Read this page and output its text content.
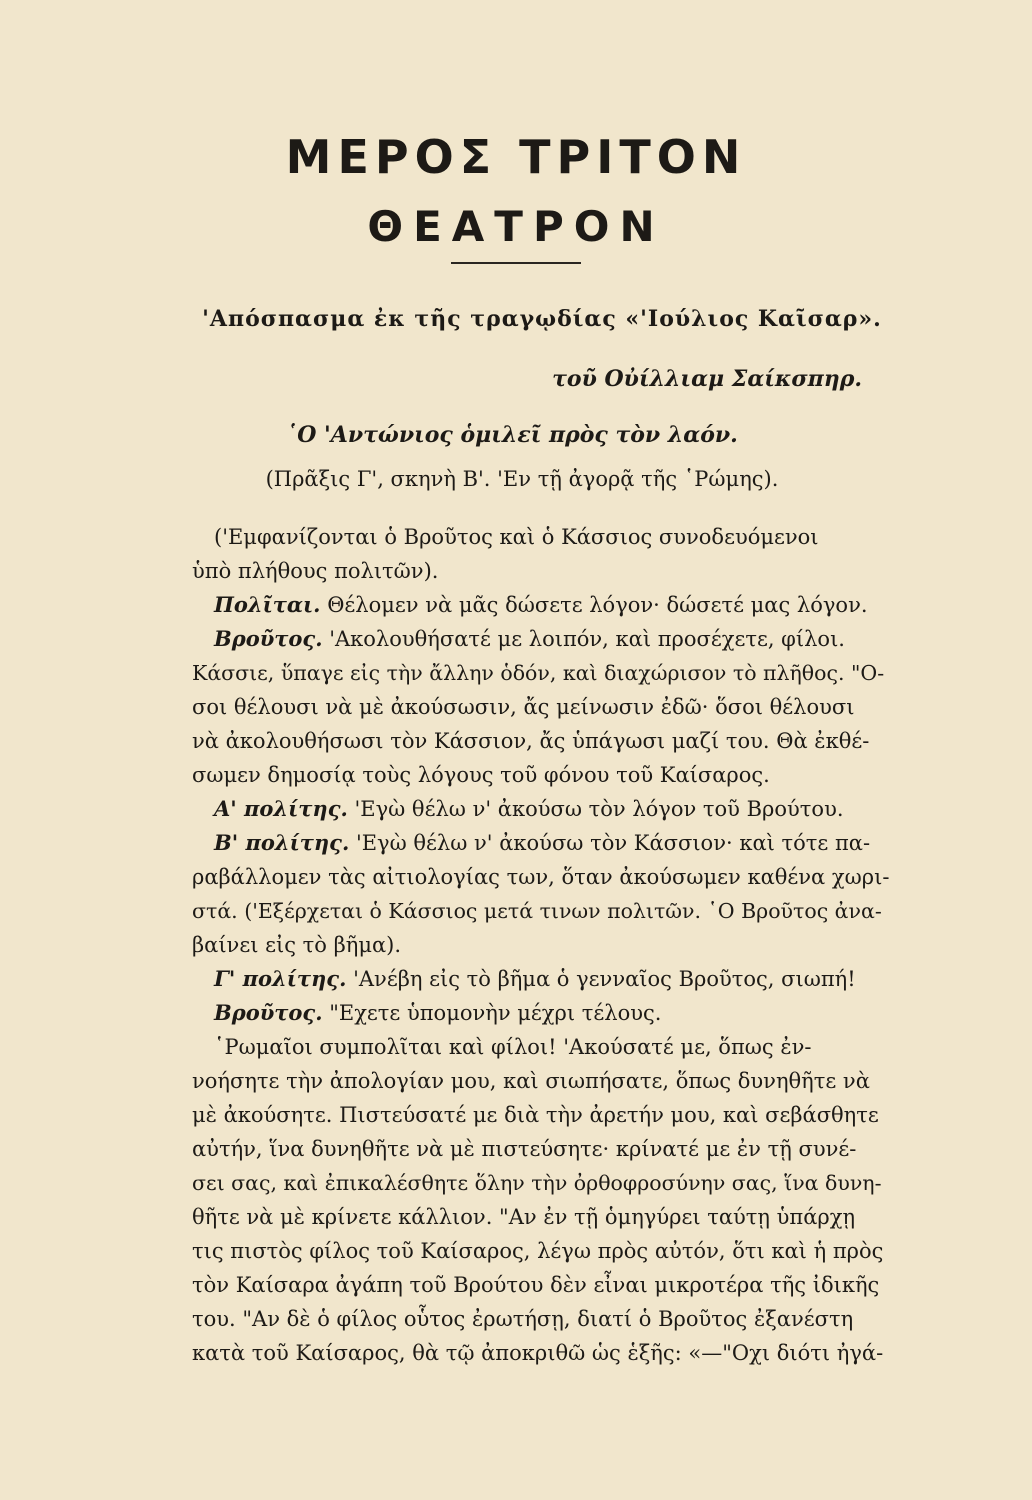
ΜΕΡΟΣ ΤΡΙΤΟΝ
ΘΕΑΤΡΟΝ
'Απόσπασμα ἐκ τῆς τραγῳδίας «'Ιούλιος Καῖσαρ».
τοῦ Οὐίλλιαμ Σαίκσπηρ.
῾Ο 'Αντώνιος ὁμιλεῖ πρὸς τὸν λαόν.
(Πρᾶξις Γ', σκηνὴ Β'. 'Εν τῇ ἀγορᾷ τῆς ῾Ρώμης).
('Εμφανίζονται ὁ Βροῦτος καὶ ὁ Κάσσιος συνοδευόμενοι
ὑπὸ πλήθους πολιτῶν).
Πολῖται. Θέλομεν νὰ μᾶς δώσετε λόγον· δώσετέ μας λόγον.
Βροῦτος. 'Ακολουθήσατέ με λοιπόν, καὶ προσέχετε, φίλοι.
Κάσσιε, ὕπαγε εἰς τὴν ἄλλην ὁδόν, καὶ διαχώρισον τὸ πλῆθος. "Ο-
σοι θέλουσι νὰ μὲ ἀκούσωσιν, ἄς μείνωσιν ἐδῶ· ὅσοι θέλουσι
νὰ ἀκολουθήσωσι τὸν Κάσσιον, ἄς ὑπάγωσι μαζί του. Θὰ ἐκθέ-
σωμεν δημοσίᾳ τοὺς λόγους τοῦ φόνου τοῦ Καίσαρος.
Α' πολίτης. 'Εγὼ θέλω ν' ἀκούσω τὸν λόγον τοῦ Βρούτου.
Β' πολίτης. 'Εγὼ θέλω ν' ἀκούσω τὸν Κάσσιον· καὶ τότε πα-
ραβάλλομεν τὰς αἰτιολογίας των, ὅταν ἀκούσωμεν καθένα χωρι-
στά. ('Εξέρχεται ὁ Κάσσιος μετά τινων πολιτῶν. ῾Ο Βροῦτος ἀνα-
βαίνει εἰς τὸ βῆμα).
Γ' πολίτης. 'Ανέβη εἰς τὸ βῆμα ὁ γενναῖος Βροῦτος, σιωπή!
Βροῦτος. "Εχετε ὑπομονὴν μέχρι τέλους.
῾Ρωμαῖοι συμπολῖται καὶ φίλοι! 'Ακούσατέ με, ὅπως ἐν-
νοήσητε τὴν ἀπολογίαν μου, καὶ σιωπήσατε, ὅπως δυνηθῆτε νὰ
μὲ ἀκούσητε. Πιστεύσατέ με διὰ τὴν ἀρετήν μου, καὶ σεβάσθητε
αὐτήν, ἵνα δυνηθῆτε νὰ μὲ πιστεύσητε· κρίνατέ με ἐν τῇ συνέ-
σει σας, καὶ ἐπικαλέσθητε ὅλην τὴν ὀρθοφροσύνην σας, ἵνα δυνη-
θῆτε νὰ μὲ κρίνετε κάλλιον. "Αν ἐν τῇ ὁμηγύρει ταύτῃ ὑπάρχῃ
τις πιστὸς φίλος τοῦ Καίσαρος, λέγω πρὸς αὐτόν, ὅτι καὶ ἡ πρὸς
τὸν Καίσαρα ἀγάπη τοῦ Βρούτου δὲν εἶναι μικροτέρα τῆς ἰδικῆς
του. "Αν δὲ ὁ φίλος οὗτος ἐρωτήσῃ, διατί ὁ Βροῦτος ἐξανέστη
κατὰ τοῦ Καίσαρος, θὰ τῷ ἀποκριθῶ ὡς ἑξῆς: «—"Οχι διότι ἠγά-
